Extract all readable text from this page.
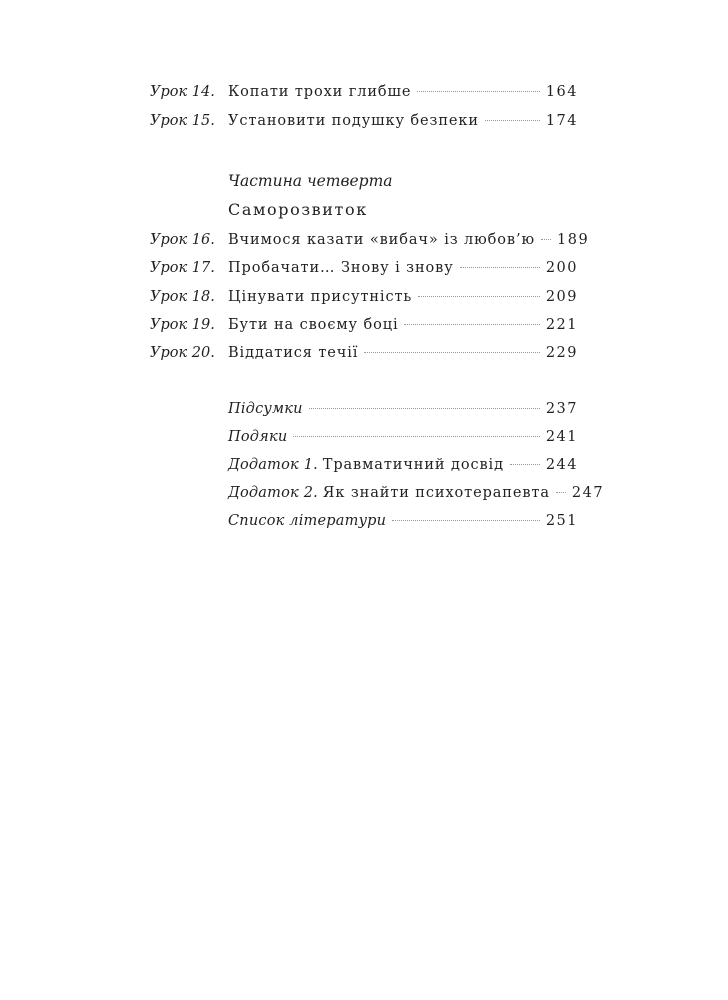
Урок 14. Копати трохи глибше	164
Урок 15. Установити подушку безпеки	174
Частина четверта
Саморозвиток
Урок 16. Вчимося казати «вибач» із любов’ю 189
Урок 17. Пробачати… Знову і знову	200
Урок 18. Цінувати присутність	209
Урок 19. Бути на своєму боці	221
Урок 20. Віддатися течії	229
Підсумки	237
Подяки	241
Додаток 1. Травматичний досвід	244
Додаток 2. Як знайти психотерапевта 247
Список літератури	251
